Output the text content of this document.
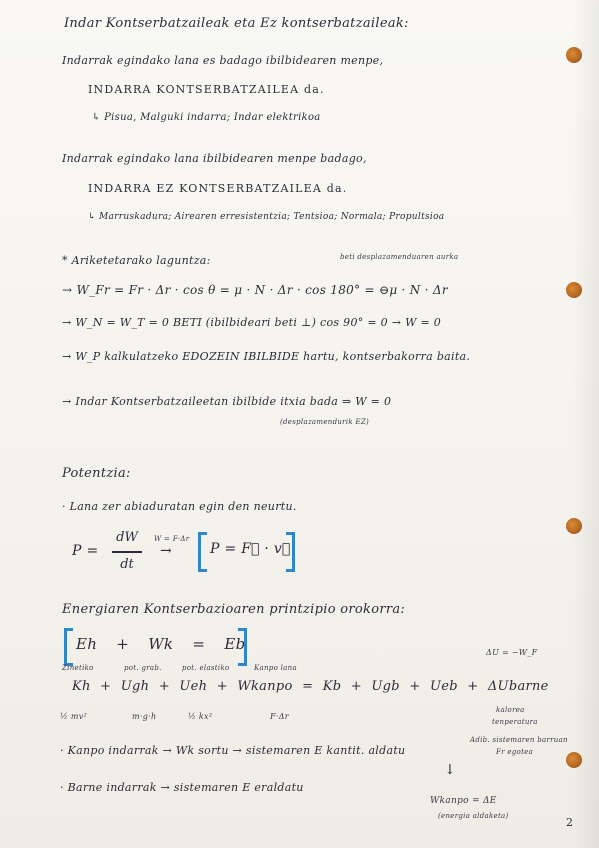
Indar Kontserbatzaileak eta Ez kontserbatzaileak:
Indarrak egindako lana es badago ibilbidearen menpe,
INDARRA KONTSERBATZAILEA da.
↳ Pisua, Malguki indarra; Indar elektrikoa
Indarrak egindako lana ibilbidearen menpe badago,
INDARRA EZ KONTSERBATZAILEA da.
↳ Marruskadura; Airearen erresistentzia; Tentsioa; Normala; Propultsioa
* Ariketetarako laguntza:	beti desplazamenduaren aurka
→ W_Fr = Fr · Δr · cos θ = μ · N · Δr · cos 180° = ⊖μ · N · Δr
→ W_N = W_T = 0 BETI (ibilbideari beti ⊥) cos 90° = 0 → W = 0
→ W_P kalkulatzeko EDOZEIN IBILBIDE hartu, kontserbakorra baita.
→ Indar Kontserbatzaileetan ibilbide itxia bada ⇒ W = 0
(desplazamendurik EZ)
Potentzia:
· Lana zer abiaduratan egin den neurtu.
P =
dW
dt
W = F·Δr
→	P = F⃗ · v⃗
Energiaren Kontserbazioaren printzipio orokorra:
Eh + Wk = Eb	ΔU = −W_F
Zinetiko	pot. grab.	pot. elastiko	Kanpo lana
Kh + Ugh + Ueh + Wkanpo = Kb + Ugb + Ueb + ΔUbarne
½ mv²	m·g·h	½ kx²	F·Δr
kalorea
tenperatura
Adib. sistemaren barruan
Fr egotea
· Kanpo indarrak → Wk sortu → sistemaren E kantit. aldatu
↓
· Barne indarrak → sistemaren E eraldatu
Wkanpo = ΔE
(energia aldaketa)	2
